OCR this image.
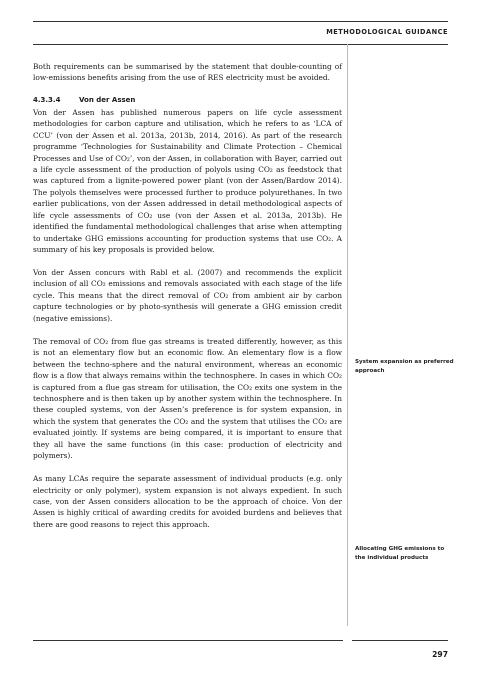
METHODOLOGICAL GUIDANCE

Both requirements can be summarised by the statement that double-counting of low-emissions benefits arising from the use of RES electricity must be avoided.

4.3.3.4	Von der Assen

Von der Assen has published numerous papers on life cycle assessment methodologies for carbon capture and utilisation, which he refers to as ‘LCA of CCU’ (von der Assen et al. 2013a, 2013b, 2014, 2016). As part of the research programme ‘Technologies for Sustainability and Climate Protection – Chemical Processes and Use of CO₂’, von der Assen, in collaboration with Bayer, carried out a life cycle assessment of the production of polyols using CO₂ as feedstock that was captured from a lignite-powered power plant (von der Assen/Bardow 2014). The polyols themselves were processed further to produce polyurethanes. In two earlier publications, von der Assen addressed in detail methodological aspects of life cycle assessments of CO₂ use (von der Assen et al. 2013a, 2013b). He identified the fundamental methodological challenges that arise when attempting to undertake GHG emissions accounting for production systems that use CO₂. A summary of his key proposals is provided below.

Von der Assen concurs with Rabl et al. (2007) and recommends the explicit inclusion of all CO₂ emissions and removals associated with each stage of the life cycle. This means that the direct removal of CO₂ from ambient air by carbon capture technologies or by photo-synthesis will generate a GHG emission credit (negative emissions).

The removal of CO₂ from flue gas streams is treated differently, however, as this is not an elementary flow but an economic flow. An elementary flow is a flow between the techno-sphere and the natural environment, whereas an economic flow is a flow that always remains within the technosphere. In cases in which CO₂ is captured from a flue gas stream for utilisation, the CO₂ exits one system in the technosphere and is then taken up by another system within the technosphere. In these coupled systems, von der Assen’s preference is for system expansion, in which the system that generates the CO₂ and the system that utilises the CO₂ are evaluated jointly. If systems are being compared, it is important to ensure that they all have the same functions (in this case: production of electricity and polymers).

As many LCAs require the separate assessment of individual products (e.g. only electricity or only polymer), system expansion is not always expedient. In such case, von der Assen considers allocation to be the approach of choice. Von der Assen is highly critical of awarding credits for avoided burdens and believes that there are good reasons to reject this approach.

System expansion as preferred approach
Allocating GHG emissions to the individual products
297
